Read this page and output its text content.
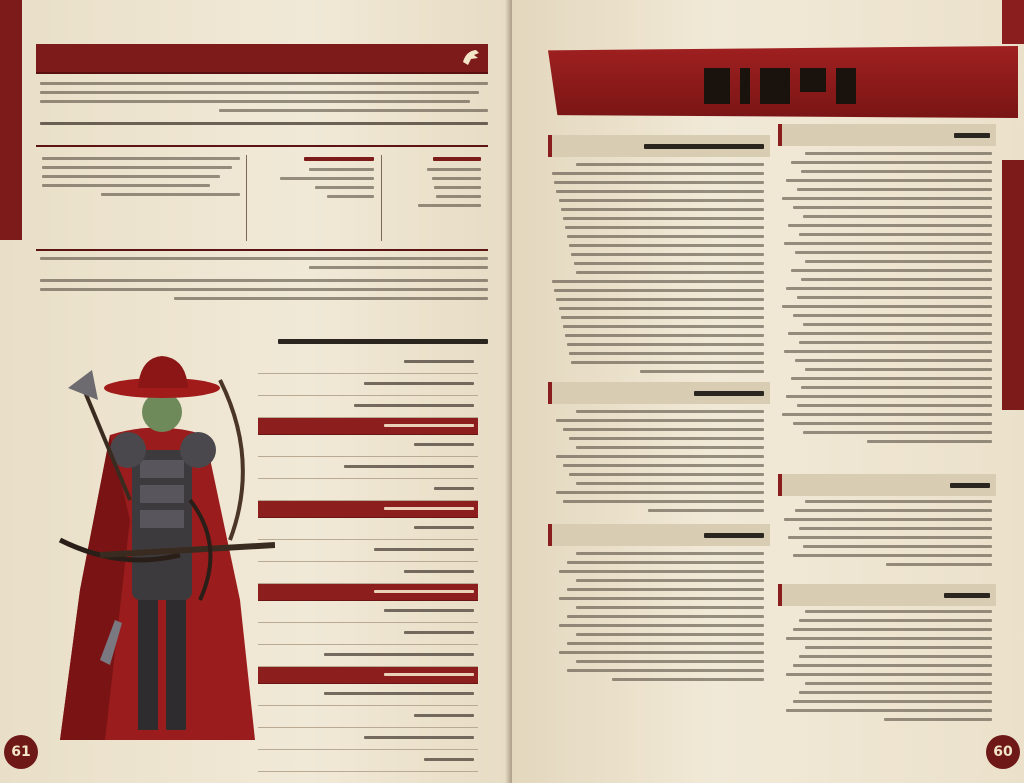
61	60
